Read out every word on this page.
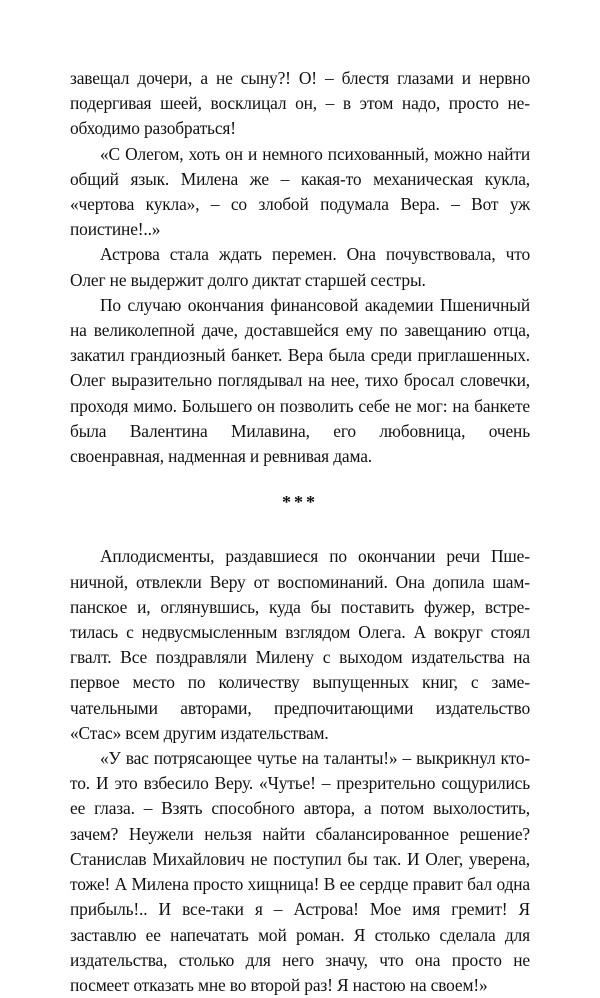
завещал дочери, а не сыну?! О! – блестя глазами и нервно подергивая шеей, восклицал он, – в этом надо, просто необходимо разобраться!

«С Олегом, хоть он и немного психованный, можно найти общий язык. Милена же – какая-то механическая кукла, «чертова кукла», – со злобой подумала Вера. – Вот уж поистине!..»

Астрова стала ждать перемен. Она почувствовала, что Олег не выдержит долго диктат старшей сестры.

По случаю окончания финансовой академии Пшеничный на великолепной даче, доставшейся ему по завещанию отца, закатил грандиозный банкет. Вера была среди приглашенных. Олег выразительно поглядывал на нее, тихо бросал словечки, проходя мимо. Большего он позволить себе не мог: на банкете была Валентина Милавина, его любовница, очень своенравная, надменная и ревнивая дама.

***

Аплодисменты, раздавшиеся по окончании речи Пшеничной, отвлекли Веру от воспоминаний. Она допила шампанское и, оглянувшись, куда бы поставить фужер, встретилась с недвусмысленным взглядом Олега. А вокруг стоял гвалт. Все поздравляли Милену с выходом издательства на первое место по количеству выпущенных книг, с замечательными авторами, предпочитающими издательство «Стас» всем другим издательствам.

«У вас потрясающее чутье на таланты!» – выкрикнул кто-то. И это взбесило Веру. «Чутье! – презрительно сощурились ее глаза. – Взять способного автора, а потом выхолостить, зачем? Неужели нельзя найти сбалансированное решение? Станислав Михайлович не поступил бы так. И Олег, уверена, тоже! А Милена просто хищница! В ее сердце правит бал одна прибыль!.. И все-таки я – Астрова! Мое имя гремит! Я заставлю ее напечатать мой роман. Я столько сделала для издательства, столько для него значу, что она просто не посмеет отказать мне во второй раз! Я настою на своем!»
